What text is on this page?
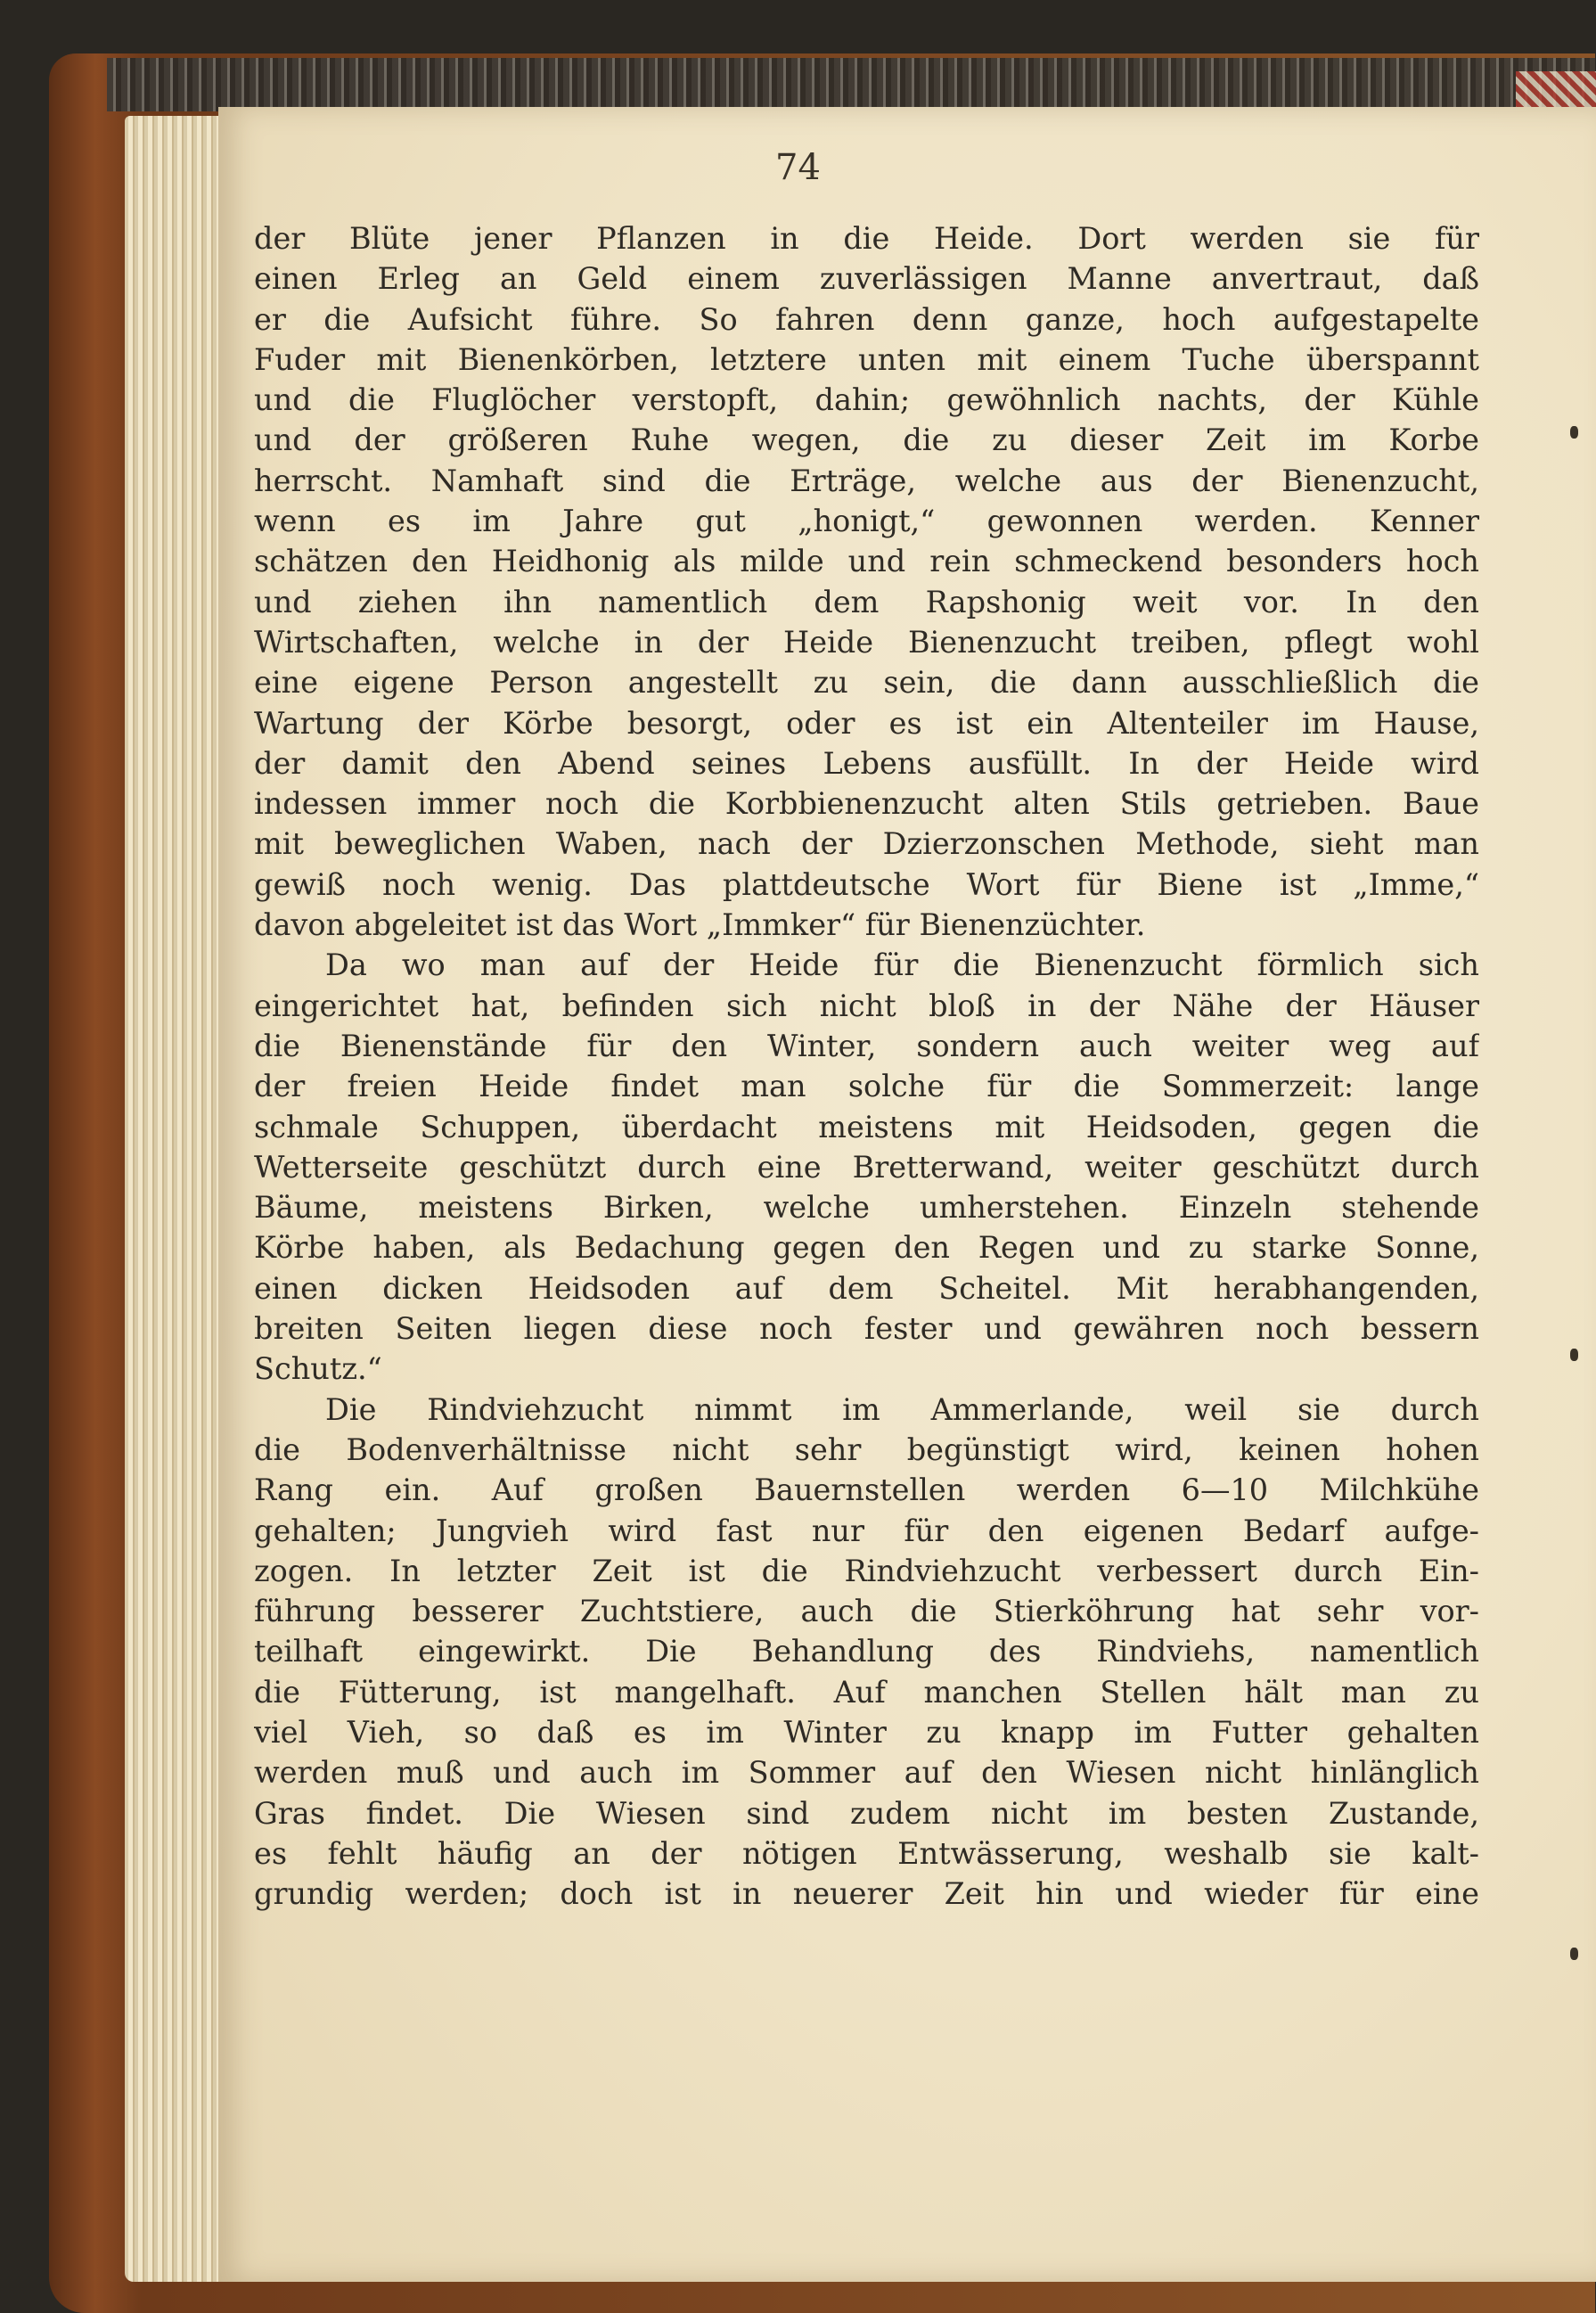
74
der Blüte jener Pflanzen in die Heide. Dort werden sie für
einen Erleg an Geld einem zuverlässigen Manne anvertraut, daß
er die Aufsicht führe. So fahren denn ganze, hoch aufgestapelte
Fuder mit Bienenkörben, letztere unten mit einem Tuche überspannt
und die Fluglöcher verstopft, dahin; gewöhnlich nachts, der Kühle
und der größeren Ruhe wegen, die zu dieser Zeit im Korbe
herrscht. Namhaft sind die Erträge, welche aus der Bienenzucht,
wenn es im Jahre gut „honigt,“ gewonnen werden. Kenner
schätzen den Heidhonig als milde und rein schmeckend besonders hoch
und ziehen ihn namentlich dem Rapshonig weit vor. In den
Wirtschaften, welche in der Heide Bienenzucht treiben, pflegt wohl
eine eigene Person angestellt zu sein, die dann ausschließlich die
Wartung der Körbe besorgt, oder es ist ein Altenteiler im Hause,
der damit den Abend seines Lebens ausfüllt. In der Heide wird
indessen immer noch die Korbbienenzucht alten Stils getrieben. Baue
mit beweglichen Waben, nach der Dzierzonschen Methode, sieht man
gewiß noch wenig. Das plattdeutsche Wort für Biene ist „Imme,“
davon abgeleitet ist das Wort „Immker“ für Bienenzüchter.
Da wo man auf der Heide für die Bienenzucht förmlich sich
eingerichtet hat, befinden sich nicht bloß in der Nähe der Häuser
die Bienenstände für den Winter, sondern auch weiter weg auf
der freien Heide findet man solche für die Sommerzeit: lange
schmale Schuppen, überdacht meistens mit Heidsoden, gegen die
Wetterseite geschützt durch eine Bretterwand, weiter geschützt durch
Bäume, meistens Birken, welche umherstehen. Einzeln stehende
Körbe haben, als Bedachung gegen den Regen und zu starke Sonne,
einen dicken Heidsoden auf dem Scheitel. Mit herabhangenden,
breiten Seiten liegen diese noch fester und gewähren noch bessern
Schutz.“
Die Rindviehzucht nimmt im Ammerlande, weil sie durch
die Bodenverhältnisse nicht sehr begünstigt wird, keinen hohen
Rang ein. Auf großen Bauernstellen werden 6—10 Milchkühe
gehalten; Jungvieh wird fast nur für den eigenen Bedarf aufge-
zogen. In letzter Zeit ist die Rindviehzucht verbessert durch Ein-
führung besserer Zuchtstiere, auch die Stierköhrung hat sehr vor-
teilhaft eingewirkt. Die Behandlung des Rindviehs, namentlich
die Fütterung, ist mangelhaft. Auf manchen Stellen hält man zu
viel Vieh, so daß es im Winter zu knapp im Futter gehalten
werden muß und auch im Sommer auf den Wiesen nicht hinlänglich
Gras findet. Die Wiesen sind zudem nicht im besten Zustande,
es fehlt häufig an der nötigen Entwässerung, weshalb sie kalt-
grundig werden; doch ist in neuerer Zeit hin und wieder für eine
